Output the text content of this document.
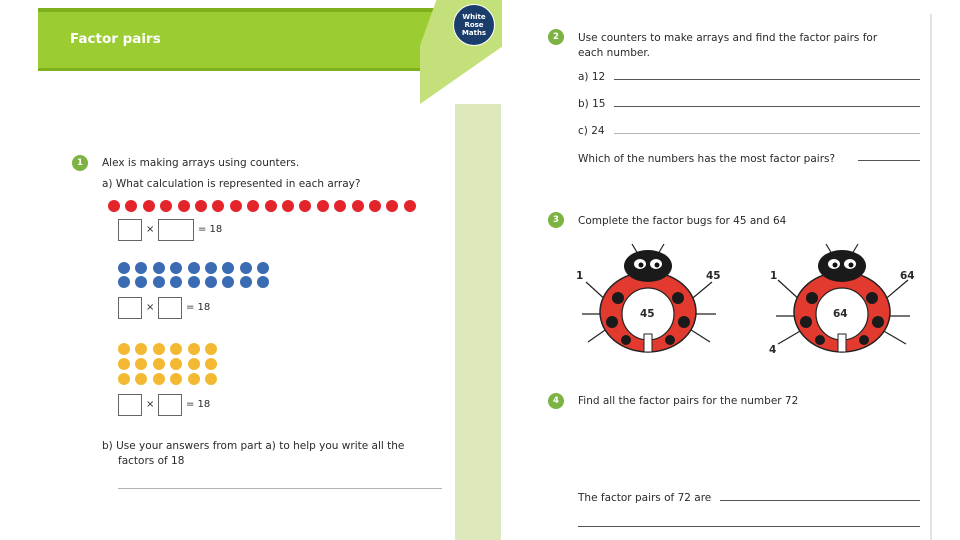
Factor pairs
White
Rose
Maths
1	Alex is making arrays using counters.
a) What calculation is represented in each array?
×	= 18
×	= 18
×	= 18
b) Use your answers from part a) to help you write all the
factors of 18
2	Use counters to make arrays and find the factor pairs for
each number.
a) 12
b) 15
c) 24
Which of the numbers has the most factor pairs?
3	Complete the factor bugs for 45 and 64
1	45
45
1	64
64
4
4	Find all the factor pairs for the number 72
The factor pairs of 72 are
